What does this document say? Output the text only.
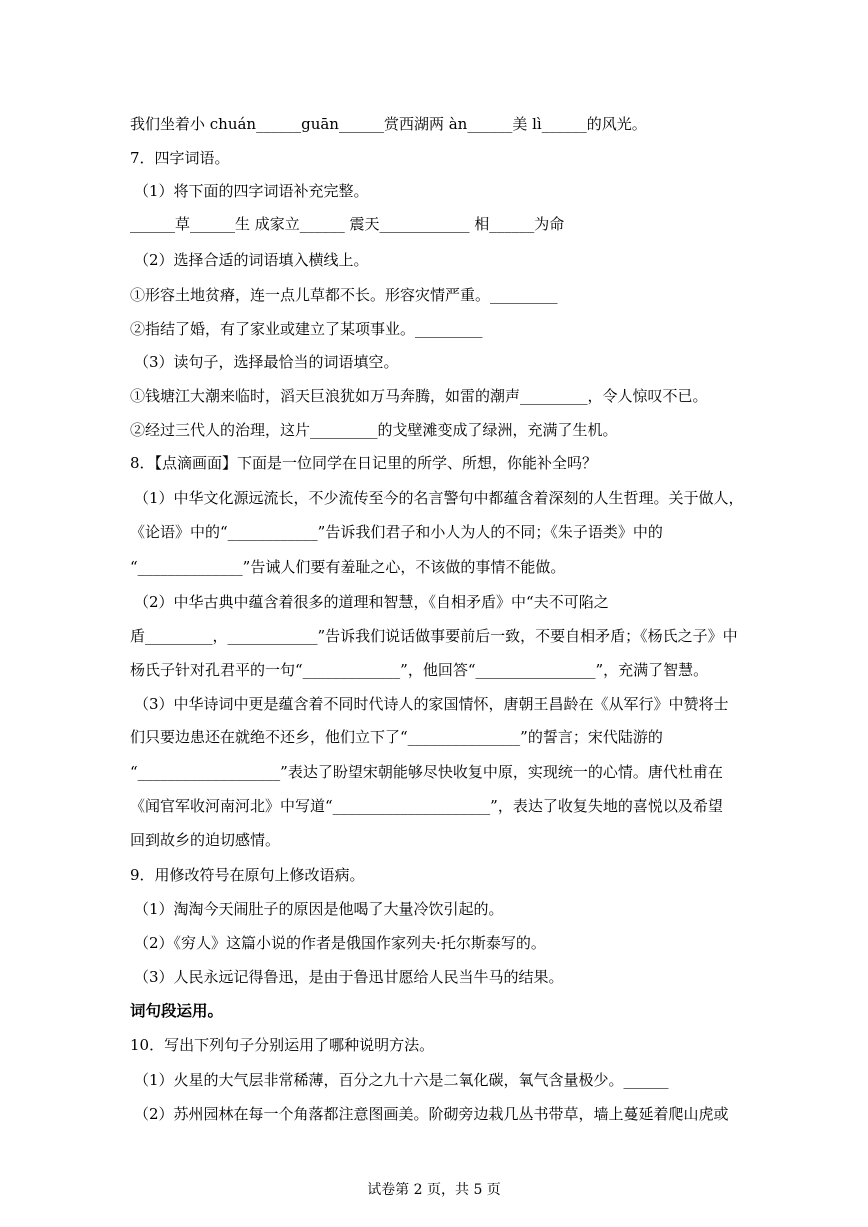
我们坐着小 chuán______guān______赏西湖两 àn______美 lì______的风光。
7．四字词语。
（1）将下面的四字词语补充完整。
______草______生 成家立______ 震天____________ 相______为命
（2）选择合适的词语填入横线上。
①形容土地贫瘠，连一点儿草都不长。形容灾情严重。_________
②指结了婚，有了家业或建立了某项事业。_________
（3）读句子，选择最恰当的词语填空。
①钱塘江大潮来临时，滔天巨浪犹如万马奔腾，如雷的潮声_________，令人惊叹不已。
②经过三代人的治理，这片_________的戈壁滩变成了绿洲，充满了生机。
8．【点滴画面】下面是一位同学在日记里的所学、所想，你能补全吗？
（1）中华文化源远流长，不少流传至今的名言警句中都蕴含着深刻的人生哲理。关于做人，
《论语》中的“____________”告诉我们君子和小人为人的不同；《朱子语类》中的
“______________”告诫人们要有羞耻之心，不该做的事情不能做。
（2）中华古典中蕴含着很多的道理和智慧，《自相矛盾》中“夫不可陷之
盾_________，____________”告诉我们说话做事要前后一致，不要自相矛盾；《杨氏之子》中
杨氏子针对孔君平的一句“_____________”，他回答“________________”，充满了智慧。
（3）中华诗词中更是蕴含着不同时代诗人的家国情怀，唐朝王昌龄在《从军行》中赞将士
们只要边患还在就绝不还乡，他们立下了“_______________”的誓言；宋代陆游的
“___________________”表达了盼望宋朝能够尽快收复中原，实现统一的心情。唐代杜甫在
《闻官军收河南河北》中写道“_____________________”，表达了收复失地的喜悦以及希望
回到故乡的迫切感情。
9．用修改符号在原句上修改语病。
（1）淘淘今天闹肚子的原因是他喝了大量冷饮引起的。
（2）《穷人》这篇小说的作者是俄国作家列夫·托尔斯泰写的。
（3）人民永远记得鲁迅，是由于鲁迅甘愿给人民当牛马的结果。
词句段运用。
10．写出下列句子分别运用了哪种说明方法。
（1）火星的大气层非常稀薄，百分之九十六是二氧化碳，氧气含量极少。______
（2）苏州园林在每一个角落都注意图画美。阶砌旁边栽几丛书带草，墙上蔓延着爬山虎或
试卷第 2 页，共 5 页
